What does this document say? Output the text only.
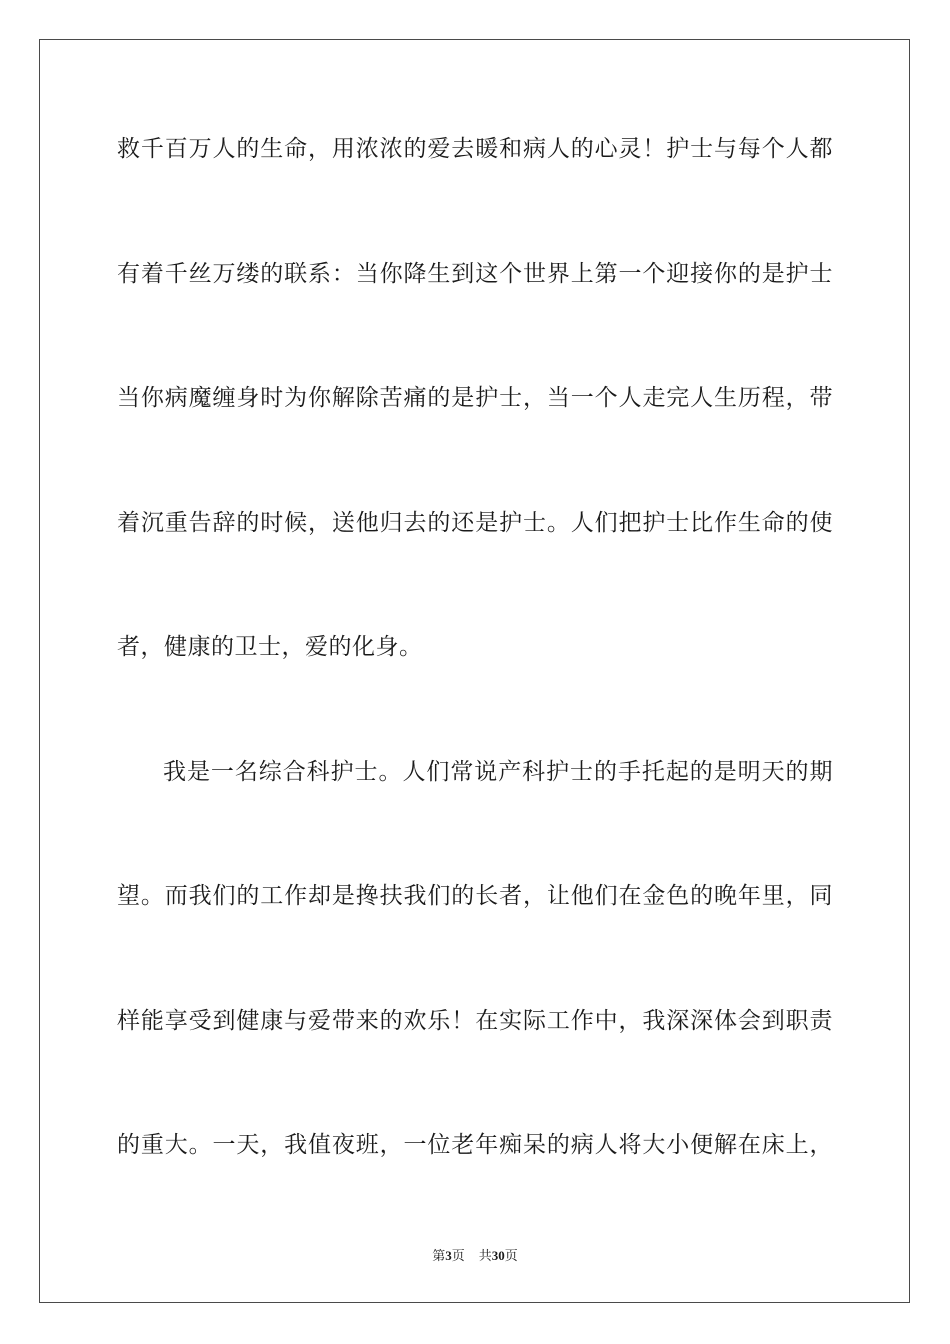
救千百万人的生命，用浓浓的爱去暖和病人的心灵！护士与每个人都
有着千丝万缕的联系：当你降生到这个世界上第一个迎接你的是护士
当你病魔缠身时为你解除苦痛的是护士，当一个人走完人生历程，带
着沉重告辞的时候，送他归去的还是护士。人们把护士比作生命的使
者，健康的卫士，爱的化身。
我是一名综合科护士。人们常说产科护士的手托起的是明天的期
望。而我们的工作却是搀扶我们的长者，让他们在金色的晚年里，同
样能享受到健康与爱带来的欢乐！在实际工作中，我深深体会到职责
的重大。一天，我值夜班，一位老年痴呆的病人将大小便解在床上，
第3页 共30页
